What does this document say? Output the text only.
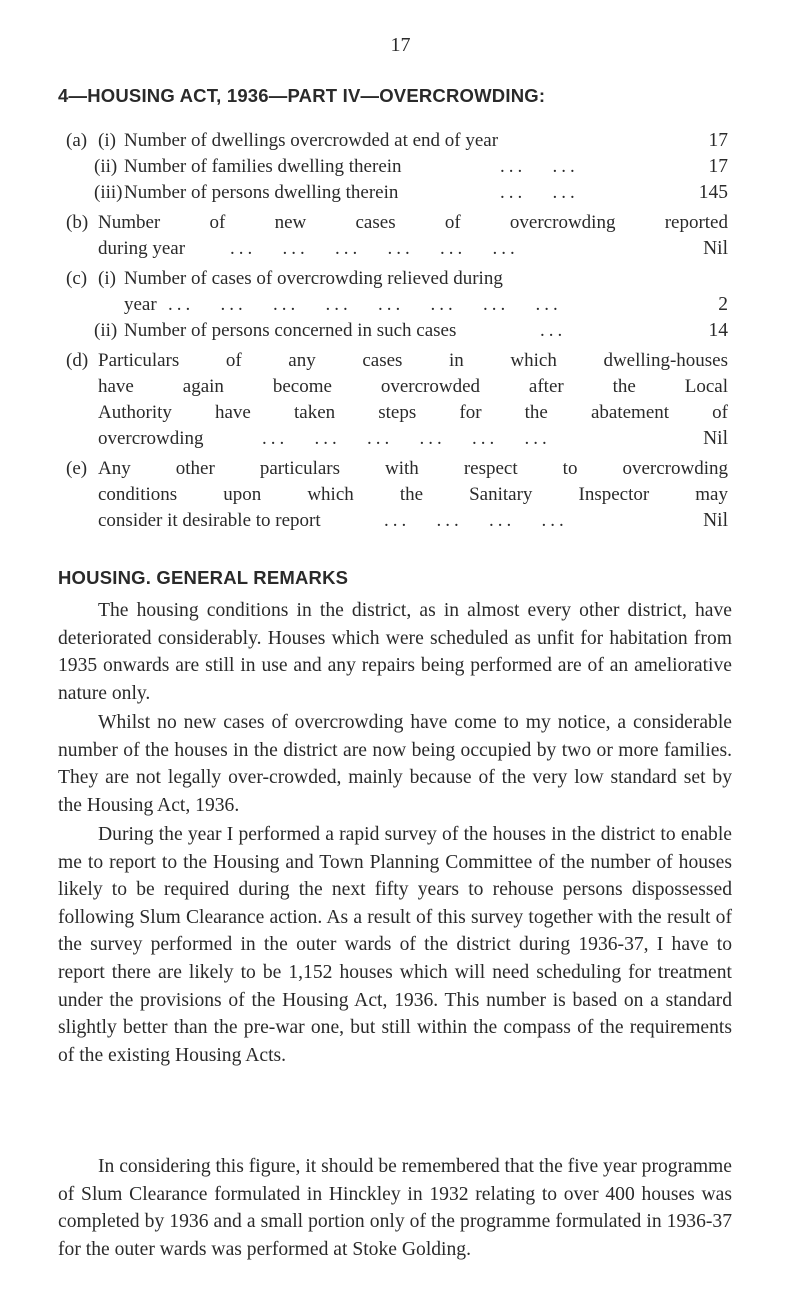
17
4—HOUSING ACT, 1936—PART IV—OVERCROWDING:
(a) (i) Number of dwellings overcrowded at end of year	17
(ii) Number of families dwelling therein	...   ...	17
(iii) Number of persons dwelling therein	...   ...	145
(b) Number of new cases of overcrowding reported
during year ...   ...   ...   ...   ...   ...	Nil
(c) (i) Number of cases of overcrowding relieved during
year ...   ...   ...   ...   ...   ...   ...   ...	2
(ii) Number of persons concerned in such cases	...	14
(d) Particulars of any cases in which dwelling-houses
have again become overcrowded after the Local
Authority have taken steps for the abatement of
overcrowding	...   ...   ...   ...   ...   ...	Nil
(e) Any other particulars with respect to overcrowding
conditions upon which the Sanitary Inspector may
consider it desirable to report	...   ...   ...   ...	Nil
HOUSING. GENERAL REMARKS
The housing conditions in the district, as in almost every other district, have deteriorated considerably. Houses which were scheduled as unfit for habitation from 1935 onwards are still in use and any repairs being performed are of an ameliorative nature only.
Whilst no new cases of overcrowding have come to my notice, a considerable number of the houses in the district are now being occupied by two or more families. They are not legally over-crowded, mainly because of the very low standard set by the Housing Act, 1936.
During the year I performed a rapid survey of the houses in the district to enable me to report to the Housing and Town Planning Committee of the number of houses likely to be required during the next fifty years to rehouse persons dispossessed following Slum Clearance action. As a result of this survey together with the result of the survey performed in the outer wards of the district during 1936-37, I have to report there are likely to be 1,152 houses which will need scheduling for treatment under the provisions of the Housing Act, 1936. This number is based on a standard slightly better than the pre-war one, but still within the compass of the requirements of the existing Housing Acts.
In considering this figure, it should be remembered that the five year programme of Slum Clearance formulated in Hinckley in 1932 relating to over 400 houses was completed by 1936 and a small portion only of the programme formulated in 1936-37 for the outer wards was performed at Stoke Golding.
